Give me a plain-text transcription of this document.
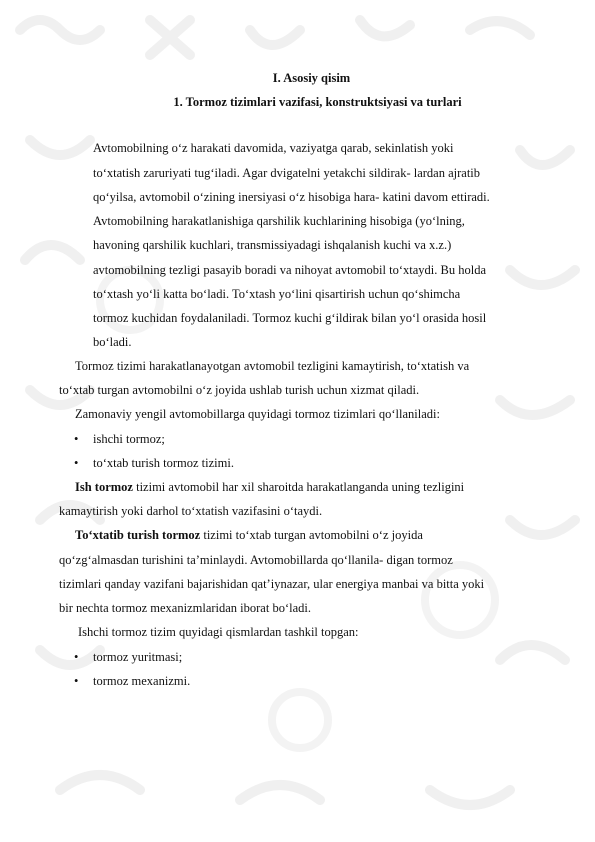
I. Asosiy qisim
1. Tormoz tizimlari vazifasi, konstruktsiyasi va turlari
Avtomobilning o‘z harakati davomida, vaziyatga qarab, sekinlatish yoki
to‘xtatish zaruriyati tug‘iladi. Agar dvigatelni yetakchi sildirak- lardan ajratib
qo‘yilsa, avtomobil o‘zining inersiyasi o‘z hisobiga hara- katini davom ettiradi.
Avtomobilning harakatlanishiga qarshilik kuchlarining hisobiga (yo‘lning,
havoning qarshilik kuchlari, transmissiyadagi ishqalanish kuchi va x.z.)
avtomobilning tezligi pasayib boradi va nihoyat avtomobil to‘xtaydi. Bu holda
to‘xtash yo‘li katta bo‘ladi. To‘xtash yo‘lini qisartirish uchun qo‘shimcha
tormoz kuchidan foydalaniladi. Tormoz kuchi g‘ildirak bilan yo‘l orasida hosil
bo‘ladi.
Tormoz tizimi harakatlanayotgan avtomobil tezligini kamaytirish, to‘xtatish va
to‘xtab turgan avtomobilni o‘z joyida ushlab turish uchun xizmat qiladi.
Zamonaviy yengil avtomobillarga quyidagi tormoz tizimlari qo‘llaniladi:
• ishchi tormoz;
• to‘xtab turish tormoz tizimi.
Ish tormoz tizimi avtomobil har xil sharoitda harakatlanganda uning tezligini
kamaytirish yoki darhol to‘xtatish vazifasini o‘taydi.
To‘xtatib turish tormoz tizimi to‘xtab turgan avtomobilni o‘z joyida
qo‘zg‘almasdan turishini ta’minlaydi. Avtomobillarda qo‘llanila- digan tormoz
tizimlari qanday vazifani bajarishidan qat’iynazar, ular energiya manbai va bitta yoki
bir nechta tormoz mexanizmlaridan iborat bo‘ladi.
Ishchi tormoz tizim quyidagi qismlardan tashkil topgan:
• tormoz yuritmasi;
• tormoz mexanizmi.
